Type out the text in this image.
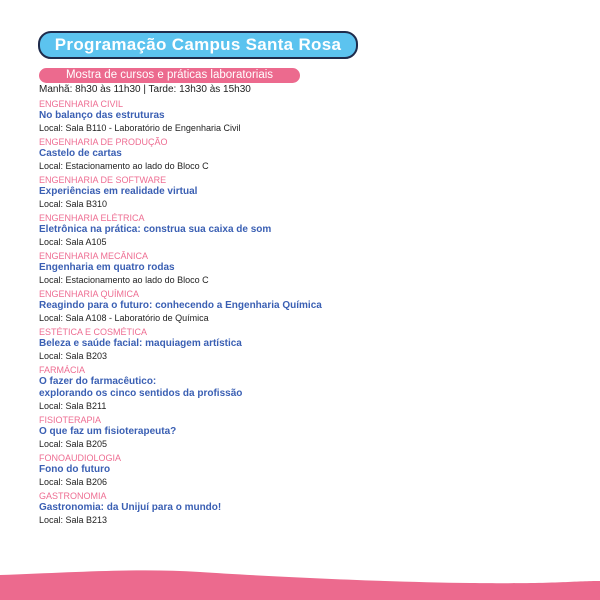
Programação Campus Santa Rosa
Mostra de cursos e práticas laboratoriais
Manhã: 8h30 às 11h30 | Tarde: 13h30 às 15h30
ENGENHARIA CIVIL
No balanço das estruturas
Local: Sala B110 - Laboratório de Engenharia Civil
ENGENHARIA DE PRODUÇÃO
Castelo de cartas
Local: Estacionamento ao lado do Bloco C
ENGENHARIA DE SOFTWARE
Experiências em realidade virtual
Local: Sala B310
ENGENHARIA ELÉTRICA
Eletrônica na prática: construa sua caixa de som
Local: Sala A105
ENGENHARIA MECÂNICA
Engenharia em quatro rodas
Local: Estacionamento ao lado do Bloco C
ENGENHARIA QUÍMICA
Reagindo para o futuro: conhecendo a Engenharia Química
Local: Sala A108 - Laboratório de Química
ESTÉTICA E COSMÉTICA
Beleza e saúde facial: maquiagem artística
Local: Sala B203
FARMÁCIA
O fazer do farmacêutico:
explorando os cinco sentidos da profissão
Local: Sala B211
FISIOTERAPIA
O que faz um fisioterapeuta?
Local: Sala B205
FONOAUDIOLOGIA
Fono do futuro
Local: Sala B206
GASTRONOMIA
Gastronomia: da Unijuí para o mundo!
Local: Sala B213
